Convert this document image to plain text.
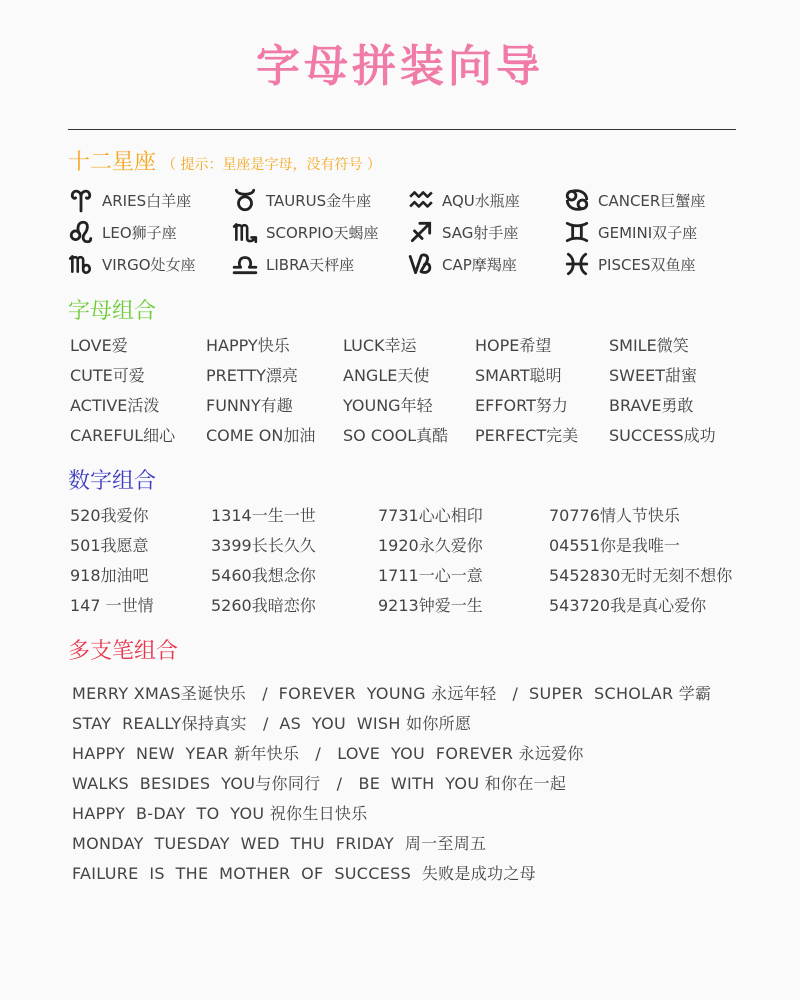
字母拼装向导
十二星座 （ 提示：星座是字母，没有符号 ）
ARIES白羊座	TAURUS金牛座	AQU水瓶座	CANCER巨蟹座
LEO狮子座	SCORPIO天蝎座	SAG射手座	GEMINI双子座
VIRGO处女座	LIBRA天枰座	CAP摩羯座	PISCES双鱼座
字母组合
LOVE爱	HAPPY快乐	LUCK幸运	HOPE希望	SMILE微笑
CUTE可爱	PRETTY漂亮	ANGLE天使	SMART聪明	SWEET甜蜜
ACTIVE活泼	FUNNY有趣	YOUNG年轻	EFFORT努力	BRAVE勇敢
CAREFUL细心 COME ON加油 SO COOL真酷 PERFECT完美 SUCCESS成功
数字组合
520我爱你	1314一生一世	7731心心相印	70776情人节快乐
501我愿意	3399长长久久	1920永久爱你	04551你是我唯一
918加油吧	5460我想念你	1711一心一意	5452830无时无刻不想你
147 一世情	5260我暗恋你	9213钟爱一生	543720我是真心爱你
多支笔组合
MERRY XMAS圣诞快乐   /  FOREVER  YOUNG 永远年轻   /  SUPER  SCHOLAR 学霸
STAY  REALLY保持真实   /  AS  YOU  WISH 如你所愿
HAPPY  NEW  YEAR 新年快乐   /   LOVE  YOU  FOREVER 永远爱你
WALKS  BESIDES  YOU与你同行   /   BE  WITH  YOU 和你在一起
HAPPY  B-DAY  TO  YOU 祝你生日快乐
MONDAY  TUESDAY  WED  THU  FRIDAY  周一至周五
FAILURE  IS  THE  MOTHER  OF  SUCCESS  失败是成功之母
